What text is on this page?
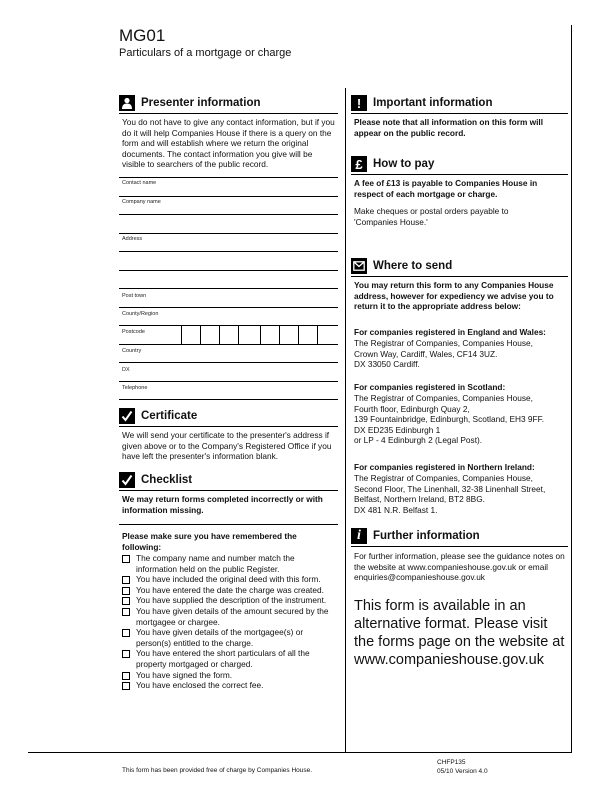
MG01
Particulars of a mortgage or charge
Presenter information
You do not have to give any contact information, but if you do it will help Companies House if there is a query on the form and will establish where we return the original documents. The contact information you give will be visible to searchers of the public record.
Contact name
Company name
Address
Post town
County/Region
Postcode
Country
DX
Telephone
Certificate
We will send your certificate to the presenter's address if given above or to the Company's Registered Office if you have left the presenter's information blank.
Checklist
We may return forms completed incorrectly or with information missing.
Please make sure you have remembered the following:
The company name and number match the information held on the public Register.
You have included the original deed with this form.
You have entered the date the charge was created.
You have supplied the description of the instrument.
You have given details of the amount secured by the mortgagee or chargee.
You have given details of the mortgagee(s) or person(s) entitled to the charge.
You have entered the short particulars of all the property mortgaged or charged.
You have signed the form.
You have enclosed the correct fee.
!	Important information
Please note that all information on this form will appear on the public record.
£ How to pay
A fee of £13 is payable to Companies House in respect of each mortgage or charge.
Make cheques or postal orders payable to 'Companies House.'
Where to send
You may return this form to any Companies House address, however for expediency we advise you to return it to the appropriate address below:
For companies registered in England and Wales:
The Registrar of Companies, Companies House,
Crown Way, Cardiff, Wales, CF14 3UZ.
DX 33050 Cardiff.
For companies registered in Scotland:
The Registrar of Companies, Companies House,
Fourth floor, Edinburgh Quay 2,
139 Fountainbridge, Edinburgh, Scotland, EH3 9FF.
DX ED235 Edinburgh 1
or LP - 4 Edinburgh 2 (Legal Post).
For companies registered in Northern Ireland:
The Registrar of Companies, Companies House,
Second Floor, The Linenhall, 32-38 Linenhall Street,
Belfast, Northern Ireland, BT2 8BG.
DX 481 N.R. Belfast 1.
i	Further information
For further information, please see the guidance notes on the website at www.companieshouse.gov.uk or email enquiries@companieshouse.gov.uk
This form is available in an alternative format. Please visit the forms page on the website at www.companieshouse.gov.uk
This form has been provided free of charge by Companies House.
CHFP135
05/10 Version 4.0
